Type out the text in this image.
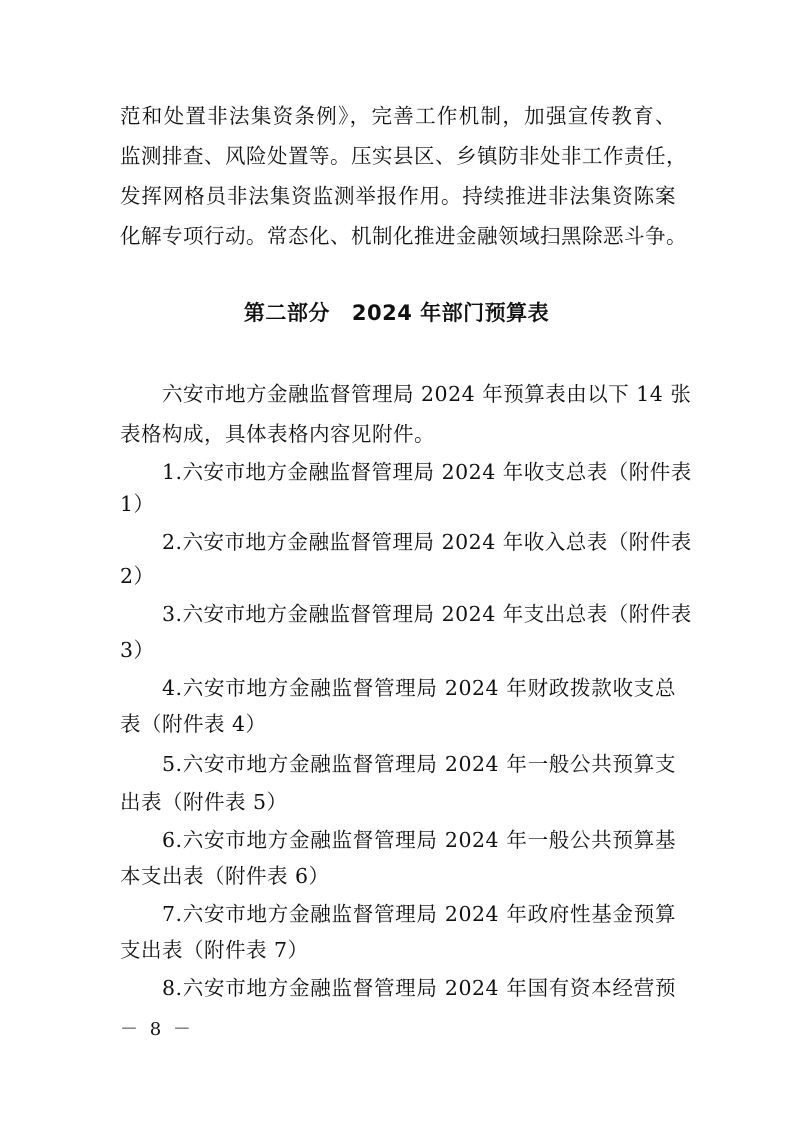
范和处置非法集资条例》，完善工作机制，加强宣传教育、
监测排查、风险处置等。压实县区、乡镇防非处非工作责任，
发挥网格员非法集资监测举报作用。持续推进非法集资陈案
化解专项行动。常态化、机制化推进金融领域扫黑除恶斗争。
第二部分 2024 年部门预算表
六安市地方金融监督管理局 2024 年预算表由以下 14 张
表格构成，具体表格内容见附件。
1.六安市地方金融监督管理局 2024 年收支总表（附件表
1）
2.六安市地方金融监督管理局 2024 年收入总表（附件表
2）
3.六安市地方金融监督管理局 2024 年支出总表（附件表
3）
4.六安市地方金融监督管理局 2024 年财政拨款收支总
表（附件表 4）
5.六安市地方金融监督管理局 2024 年一般公共预算支
出表（附件表 5）
6.六安市地方金融监督管理局 2024 年一般公共预算基
本支出表（附件表 6）
7.六安市地方金融监督管理局 2024 年政府性基金预算
支出表（附件表 7）
8.六安市地方金融监督管理局 2024 年国有资本经营预
－ 8 －
